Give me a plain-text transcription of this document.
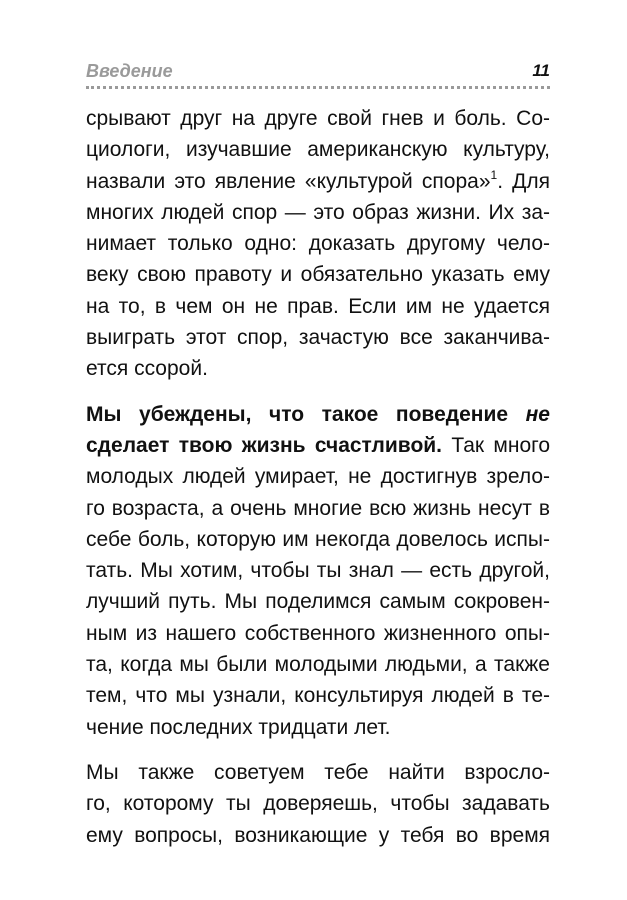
Введение	11
срывают друг на друге свой гнев и боль. Со-
циологи, изучавшие американскую культуру,
назвали это явление «культурой спора»$^1$. Для
многих людей спор — это образ жизни. Их за-
нимает только одно: доказать другому чело-
веку свою правоту и обязательно указать ему
на то, в чем он не прав. Если им не удается
выиграть этот спор, зачастую все заканчива-
ется ссорой.
Мы убеждены, что такое поведение не
сделает твою жизнь счастливой. Так много
молодых людей умирает, не достигнув зрело-
го возраста, а очень многие всю жизнь несут в
себе боль, которую им некогда довелось испы-
тать. Мы хотим, чтобы ты знал — есть другой,
лучший путь. Мы поделимся самым сокровен-
ным из нашего собственного жизненного опы-
та, когда мы были молодыми людьми, а также
тем, что мы узнали, консультируя людей в те-
чение последних тридцати лет.
Мы также советуем тебе найти взросло-
го, которому ты доверяешь, чтобы задавать
ему вопросы, возникающие у тебя во время
